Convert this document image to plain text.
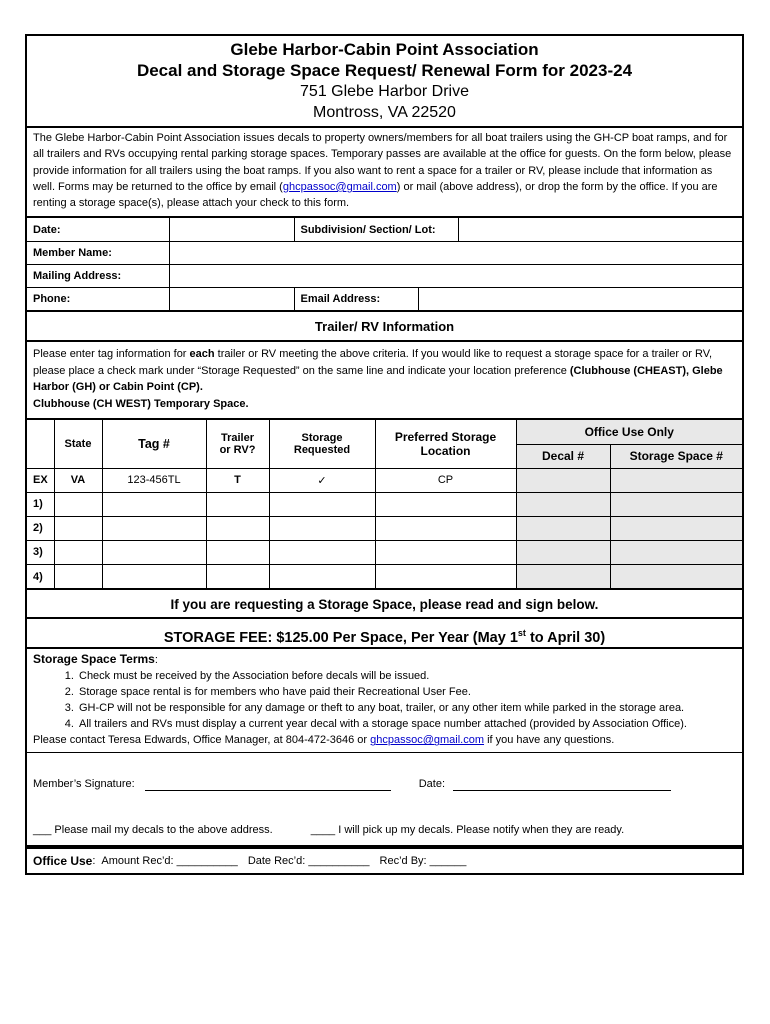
Glebe Harbor-Cabin Point Association
Decal and Storage Space Request/ Renewal Form for 2023-24
751 Glebe Harbor Drive
Montross, VA 22520
The Glebe Harbor-Cabin Point Association issues decals to property owners/members for all boat trailers using the GH-CP boat ramps, and for all trailers and RVs occupying rental parking storage spaces. Temporary passes are available at the office for guests. On the form below, please provide information for all trailers using the boat ramps. If you also want to rent a space for a trailer or RV, please include that information as well. Forms may be returned to the office by email (ghcpassoc@gmail.com) or mail (above address), or drop the form by the office. If you are renting a storage space(s), please attach your check to this form.
Date:		Subdivision/ Section/ Lot:		
Member Name:				
Mailing Address:				
Phone:		Email Address:		
Trailer/ RV Information
Please enter tag information for each trailer or RV meeting the above criteria. If you would like to request a storage space for a trailer or RV, please place a check mark under “Storage Requested” on the same line and indicate your location preference (Clubhouse (CHEAST), Glebe Harbor (GH) or Cabin Point (CP).
Clubhouse (CH WEST) Temporary Space.
	State	Tag #	Trailer or RV?	Storage Requested	Preferred Storage Location	Office Use Only	
						Decal #	Storage Space #
EX	VA	123-456TL	T	✓	CP		
1)							
2)							
3)							
4)							
If you are requesting a Storage Space, please read and sign below.
STORAGE FEE: $125.00 Per Space, Per Year (May 1st to April 30)
Storage Space Terms:
1. Check must be received by the Association before decals will be issued.
2. Storage space rental is for members who have paid their Recreational User Fee.
3. GH-CP will not be responsible for any damage or theft to any boat, trailer, or any other item while parked in the storage area.
4. All trailers and RVs must display a current year decal with a storage space number attached (provided by Association Office).
Please contact Teresa Edwards, Office Manager, at 804-472-3646 or ghcpassoc@gmail.com if you have any questions.
Member’s Signature:	Date:
___ Please mail my decals to the above address.	____ I will pick up my decals. Please notify when they are ready.
Office Use : Amount Rec’d: __________ Date Rec’d: __________ Rec’d By: ______
